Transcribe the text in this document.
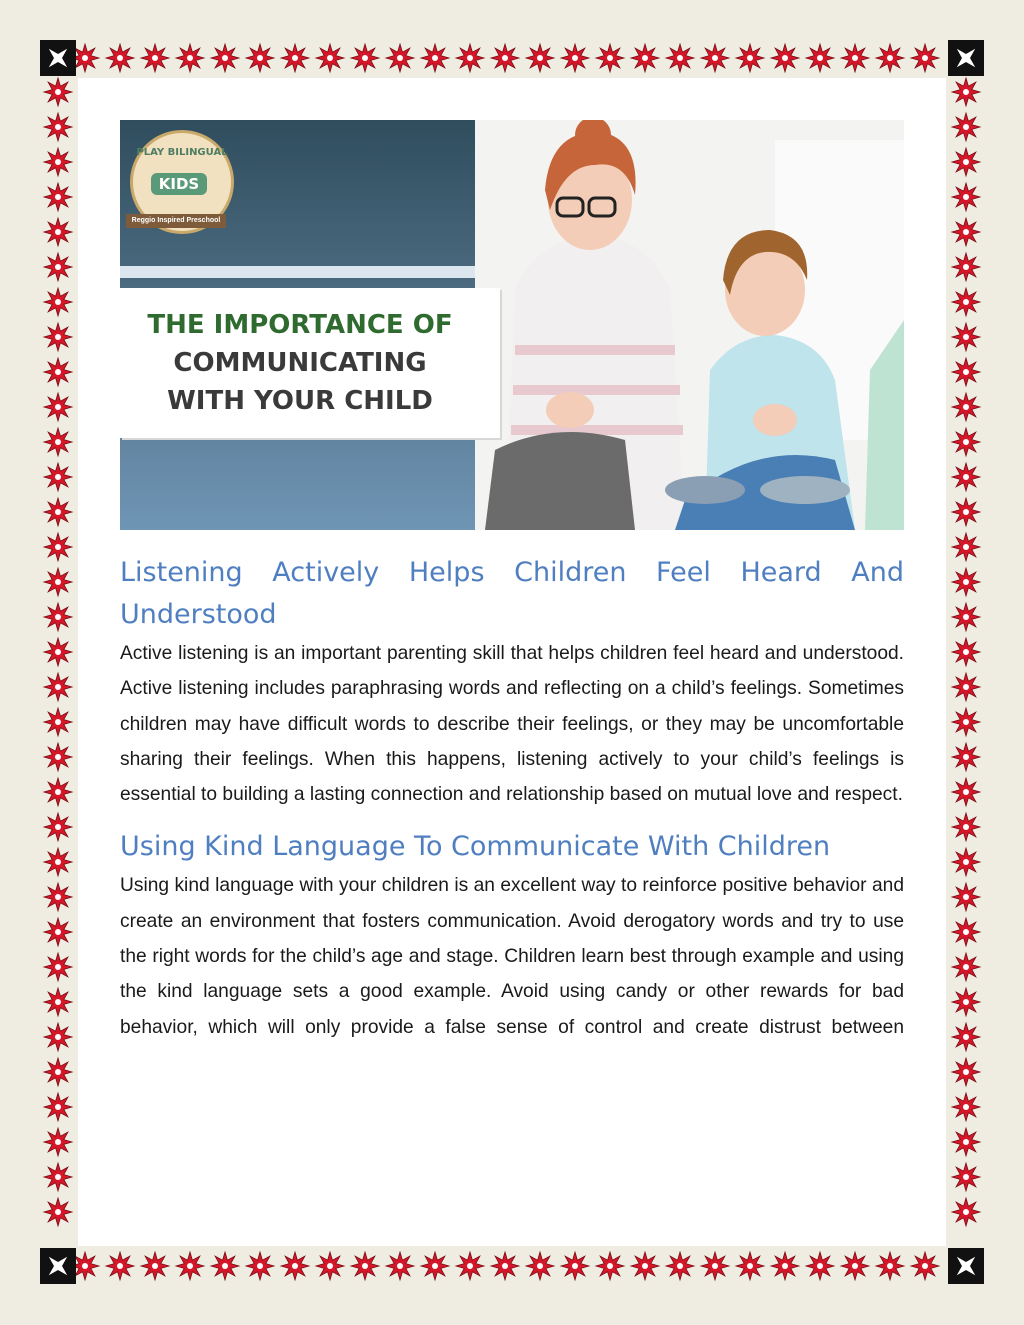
PLAY BILINGUAL
KIDS
Reggio Inspired Preschool
THE IMPORTANCE OF
COMMUNICATING
WITH YOUR CHILD
Listening Actively Helps Children Feel Heard And Understood

Active listening is an important parenting skill that helps children feel heard and understood. Active listening includes paraphrasing words and reflecting on a child’s feelings. Sometimes children may have difficult words to describe their feelings, or they may be uncomfortable sharing their feelings. When this happens, listening actively to your child’s feelings is essential to building a lasting connection and relationship based on mutual love and respect.

Using Kind Language To Communicate With Children

Using kind language with your children is an excellent way to reinforce positive behavior and create an environment that fosters communication. Avoid derogatory words and try to use the right words for the child’s age and stage. Children learn best through example and using the kind language sets a good example. Avoid using candy or other rewards for bad behavior, which will only provide a false sense of control and create distrust between
